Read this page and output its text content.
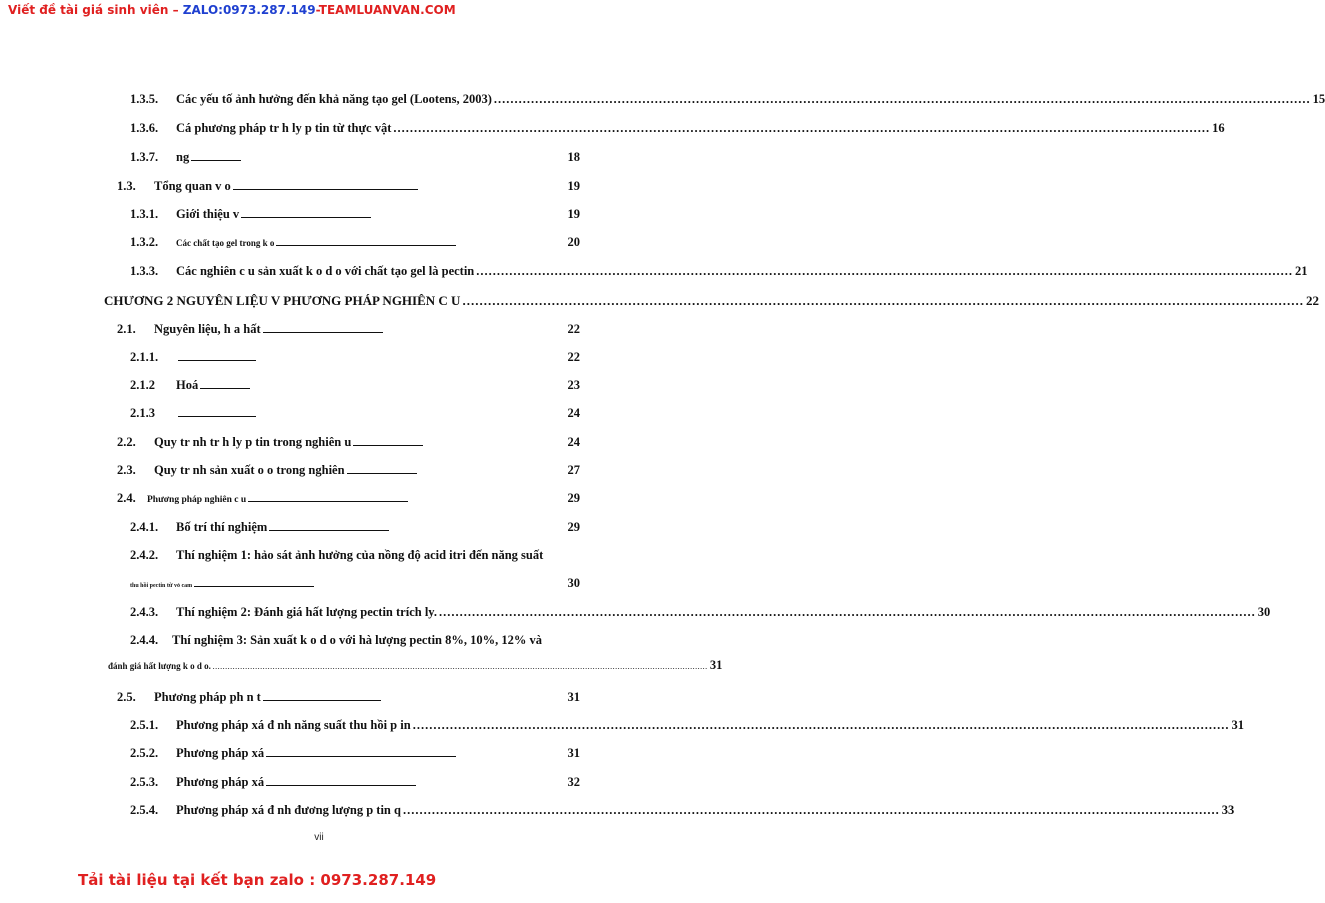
Viết đề tài giá sinh viên – ZALO:0973.287.149-TEAMLUANVAN.COM
1.3.5.	Các yếu tố ảnh hưởng đến khả năng tạo gel (Lootens, 2003) .....	15
1.3.6.	Cá phương pháp tr h ly p tin từ thực vật .....	16
1.3.7.	ng	18
1.3.	Tổng quan v o	19
1.3.1.	Giới thiệu v	19
1.3.2.	Các chất tạo gel trong k o	20
1.3.3.	Các nghiên c u sản xuất k o d o với chất tạo gel là pectin .....	21
CHƯƠNG 2 NGUYÊN LIỆU V PHƯƠNG PHÁP NGHIÊN C U .....	22
2.1.	Nguyên liệu, h a hất	22
2.1.1.	22
2.1.2	Hoá	23
2.1.3	24
2.2.	Quy tr nh tr h ly p tin trong nghiên u	24
2.3.	Quy tr nh sản xuất o o trong nghiên	27
2.4.	Phương pháp nghiên c u	29
2.4.1.	Bố trí thí nghiệm	29
2.4.2.	Thí nghiệm 1: hảo sát ảnh hưởng của nồng độ acid itri đến năng suất
thu hồi pectin từ vỏ cam	30
2.4.3.	Thí nghiệm 2: Đánh giá hất lượng pectin trích ly. .....	30
2.4.4.	Thí nghiệm 3: Sản xuất k o d o với hà lượng pectin 8%, 10%, 12% và
đánh giá hất lượng k o d o. .....	31
2.5.	Phương pháp ph n t	31
2.5.1.	Phương pháp xá đ nh năng suất thu hồi p in .....	31
2.5.2.	Phương pháp xá	31
2.5.3.	Phương pháp xá	32
2.5.4.	Phương pháp xá đ nh đương lượng p tin q .....	33
vii
Tải tài liệu tại kết bạn zalo : 0973.287.149
